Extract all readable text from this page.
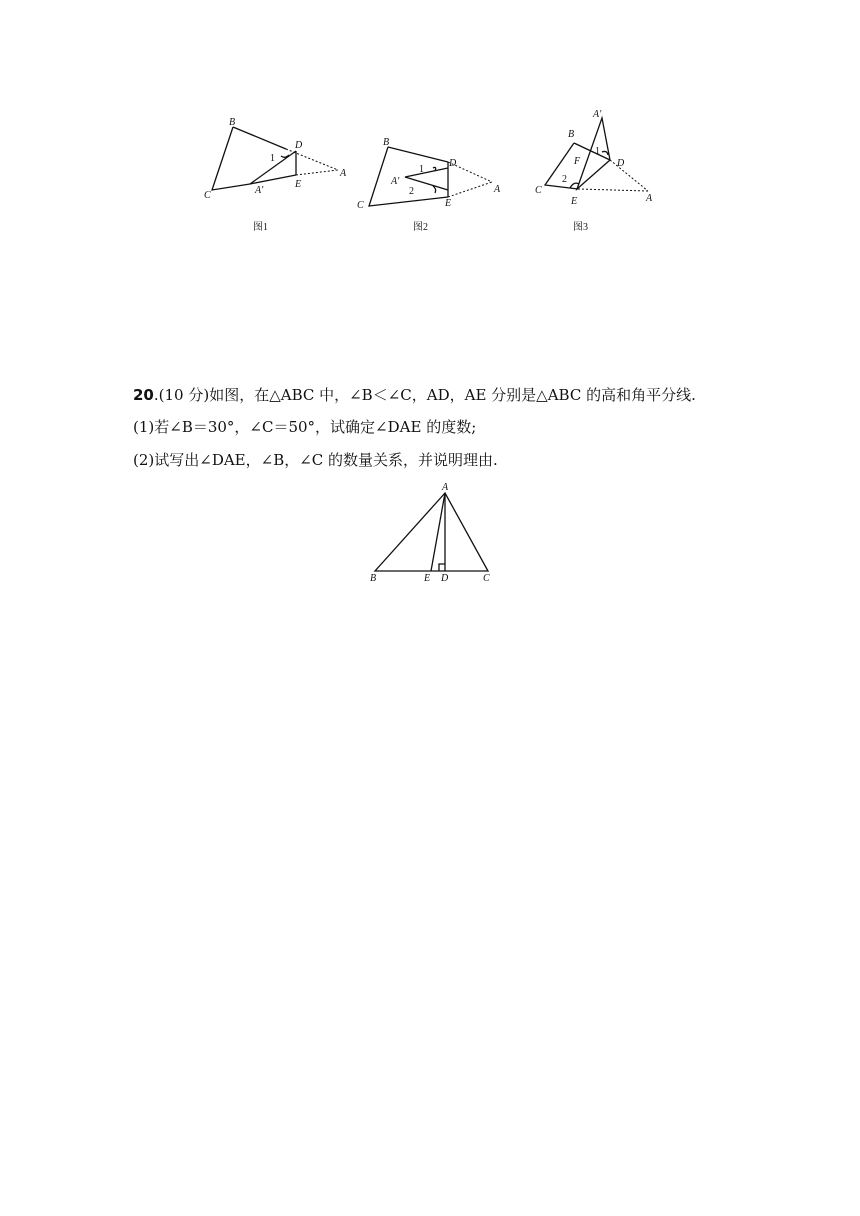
B
C
D
E
A
A′
1
图1
B
C
D
E
A
A′
1
2
图2
B
C
D
E	A
A′
F
1
2
图3
20.(10 分)如图，在△ABC 中，∠B＜∠C，AD，AE 分别是△ABC 的高和角平分线.
(1)若∠B＝30°，∠C＝50°，试确定∠DAE 的度数;
(2)试写出∠DAE，∠B，∠C 的数量关系，并说明理由.
A
B	E D	C
